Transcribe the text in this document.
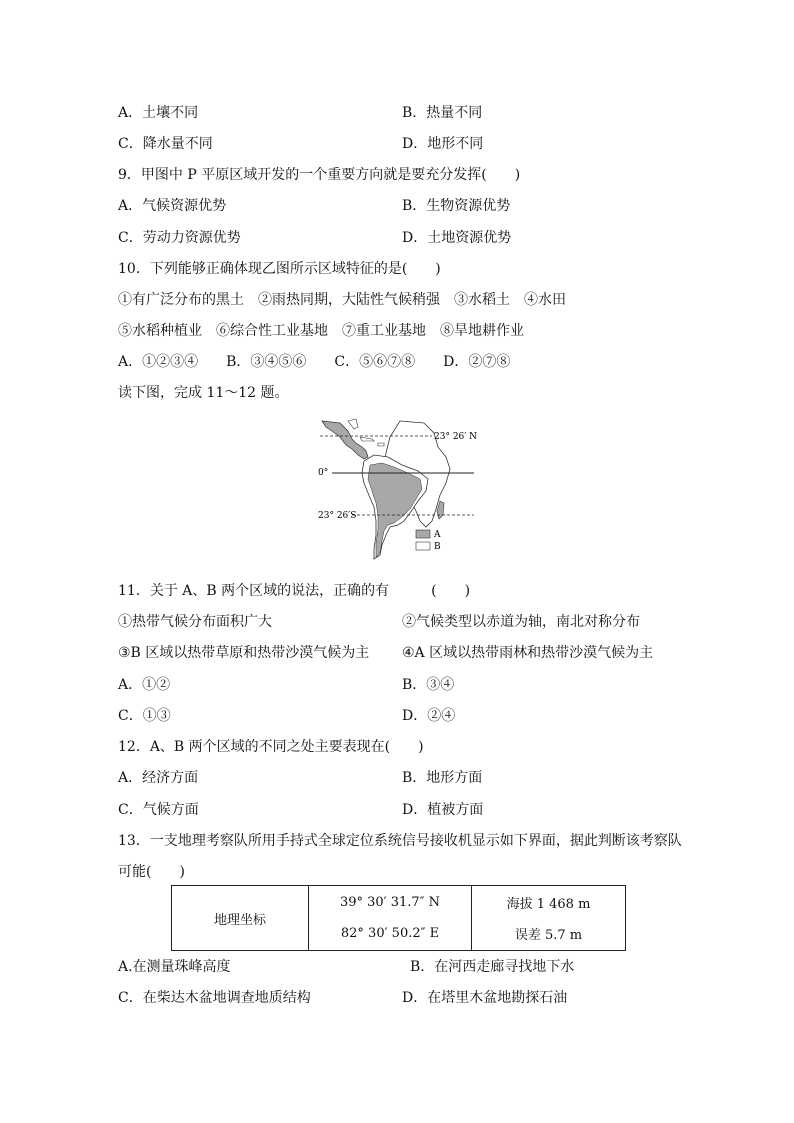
A．土壤不同	B．热量不同
C．降水量不同	D．地形不同
9．甲图中 P 平原区域开发的一个重要方向就是要充分发挥(　　)
A．气候资源优势	B．生物资源优势
C．劳动力资源优势	D．土地资源优势
10．下列能够正确体现乙图所示区域特征的是(　　)
①有广泛分布的黑土　②雨热同期，大陆性气候稍强　③水稻土　④水田
⑤水稻种植业　⑥综合性工业基地　⑦重工业基地　⑧旱地耕作业
A．①②③④　　B．③④⑤⑥　　C．⑤⑥⑦⑧　　D．②⑦⑧
读下图，完成 11～12 题。
23° 26′ N
0°
23° 26′S
A
B
11．关于 A、B 两个区域的说法，正确的有　　　(　　)
①热带气候分布面积广大	②气候类型以赤道为轴，南北对称分布
③B 区域以热带草原和热带沙漠气候为主 ④A 区域以热带雨林和热带沙漠气候为主
A．①②	B．③④
C．①③	D．②④
12．A、B 两个区域的不同之处主要表现在(　　)
A．经济方面	B．地形方面
C．气候方面	D．植被方面
13．一支地理考察队所用手持式全球定位系统信号接收机显示如下界面，据此判断该考察队
可能(　　)
地理坐标	
39° 30′ 31.7″ N
82° 30′ 50.2″ E

海拔 1 468 m
误差 5.7 m
A.在测量珠峰高度	B．在河西走廊寻找地下水
C．在柴达木盆地调查地质结构	D．在塔里木盆地勘探石油
